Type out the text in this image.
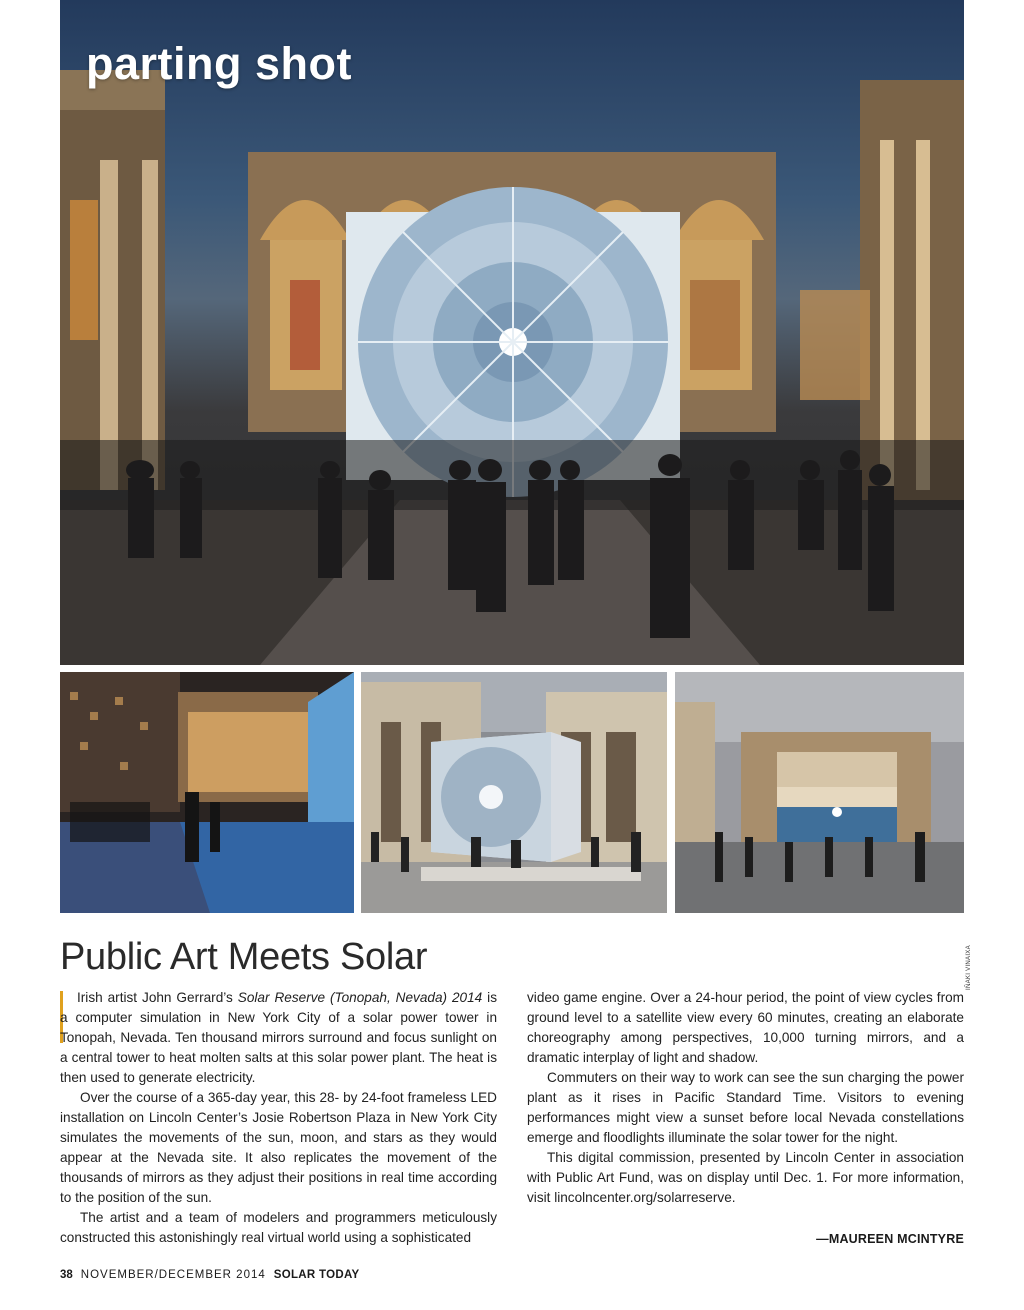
parting shot
IÑAKI VINAIXA
Public Art Meets Solar

Irish artist John Gerrard’s Solar Reserve (Tonopah, Nevada) 2014 is a computer simulation in New York City of a solar power tower in Tonopah, Nevada. Ten thousand mirrors surround and focus sunlight on a central tower to heat molten salts at this solar power plant. The heat is then used to generate electricity.

Over the course of a 365-day year, this 28- by 24-foot frameless LED installation on Lincoln Center’s Josie Robertson Plaza in New York City simulates the movements of the sun, moon, and stars as they would appear at the Nevada site. It also replicates the movement of the thousands of mirrors as they adjust their positions in real time according to the position of the sun.

The artist and a team of modelers and programmers meticulously constructed this astonishingly real virtual world using a sophisticated

video game engine. Over a 24-hour period, the point of view cycles from ground level to a satellite view every 60 minutes, creating an elaborate choreography among perspectives, 10,000 turning mirrors, and a dramatic interplay of light and shadow.

Commuters on their way to work can see the sun charging the power plant as it rises in Pacific Standard Time. Visitors to evening performances might view a sunset before local Nevada constellations emerge and floodlights illuminate the solar tower for the night.

This digital commission, presented by Lincoln Center in association with Public Art Fund, was on display until Dec. 1. For more information, visit lincolncenter.org/solarreserve.

—MAUREEN MCINTYRE
38 NOVEMBER/DECEMBER 2014 SOLAR TODAY
